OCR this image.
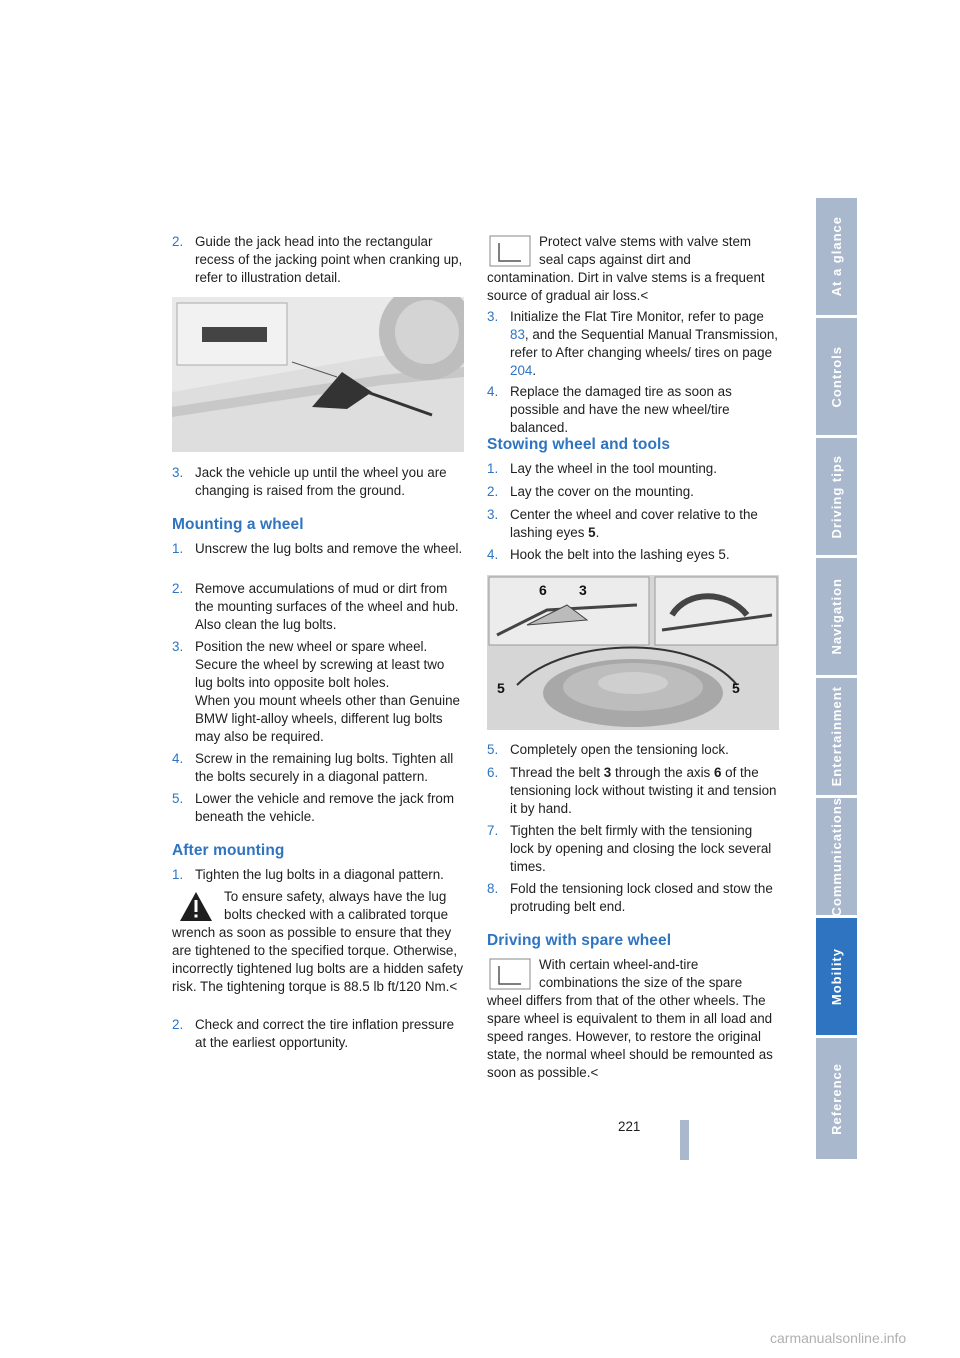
2. Guide the jack head into the rectangular recess of the jacking point when cranking up, refer to illustration detail.

3. Jack the vehicle up until the wheel you are changing is raised from the ground.

Mounting a wheel

1. Unscrew the lug bolts and remove the wheel.

2. Remove accumulations of mud or dirt from the mounting surfaces of the wheel and hub. Also clean the lug bolts.

3. Position the new wheel or spare wheel. Secure the wheel by screwing at least two lug bolts into opposite bolt holes.
When you mount wheels other than Genuine BMW light-alloy wheels, different lug bolts may also be required.

4. Screw in the remaining lug bolts. Tighten all the bolts securely in a diagonal pattern.

5. Lower the vehicle and remove the jack from beneath the vehicle.

After mounting

1. Tighten the lug bolts in a diagonal pattern.

To ensure safety, always have the lug bolts checked with a calibrated torque wrench as soon as possible to ensure that they are tightened to the specified torque. Otherwise, incorrectly tightened lug bolts are a hidden safety risk. The tightening torque is 88.5 lb ft/120 Nm.<

2. Check and correct the tire inflation pressure at the earliest opportunity.

Protect valve stems with valve stem seal caps against dirt and contamination. Dirt in valve stems is a frequent source of gradual air loss.<

3. Initialize the Flat Tire Monitor, refer to page 83, and the Sequential Manual Transmission, refer to After changing wheels/ tires on page 204.

4. Replace the damaged tire as soon as possible and have the new wheel/tire balanced.

Stowing wheel and tools

1. Lay the wheel in the tool mounting.

2. Lay the cover on the mounting.

3. Center the wheel and cover relative to the lashing eyes 5.

4. Hook the belt into the lashing eyes 5.

6 3
5	5

5. Completely open the tensioning lock.

6. Thread the belt 3 through the axis 6 of the tensioning lock without twisting it and tension it by hand.

7. Tighten the belt firmly with the tensioning lock by opening and closing the lock several times.

8. Fold the tensioning lock closed and stow the protruding belt end.

Driving with spare wheel
With certain wheel-and-tire combinations the size of the spare wheel differs from that of the other wheels. The spare wheel is equivalent to them in all load and speed ranges. However, to restore the original state, the normal wheel should be remounted as soon as possible.<
At a glance
Controls
Driving tips
Navigation
Entertainment
Communications
Mobility
Reference
221
carmanualsonline.info
